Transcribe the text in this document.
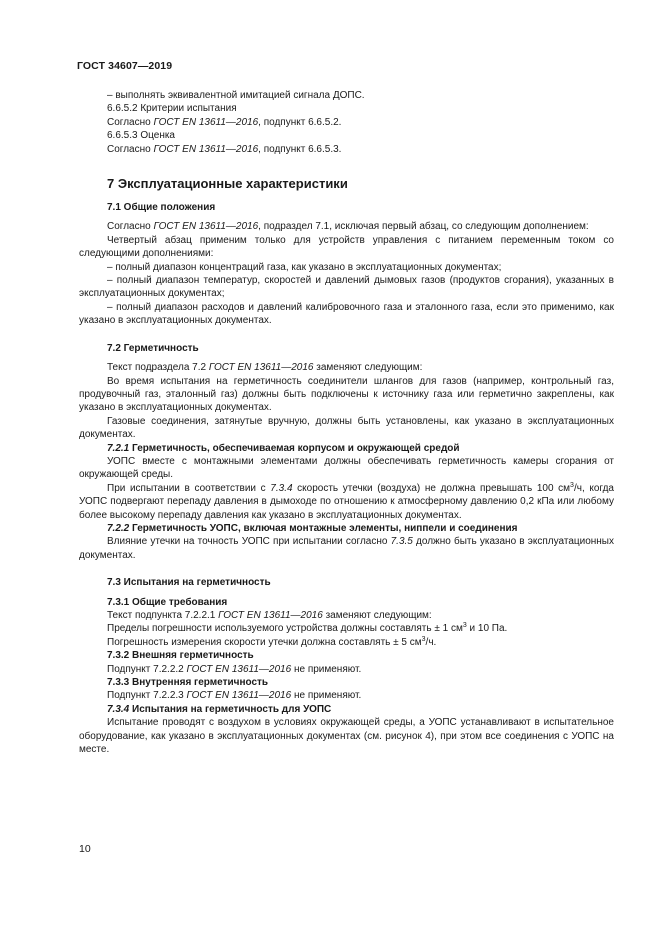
ГОСТ 34607—2019

– выполнять эквивалентной имитацией сигнала ДОПС.

6.6.5.2 Критерии испытания

Согласно ГОСТ EN 13611—2016, подпункт 6.6.5.2.

6.6.5.3 Оценка

Согласно ГОСТ EN 13611—2016, подпункт 6.6.5.3.

7 Эксплуатационные характеристики
7.1 Общие положения

Согласно ГОСТ EN 13611—2016, подраздел 7.1, исключая первый абзац, со следующим дополнением:

Четвертый абзац применим только для устройств управления с питанием переменным током со следующими дополнениями:

– полный диапазон концентраций газа, как указано в эксплуатационных документах;

– полный диапазон температур, скоростей и давлений дымовых газов (продуктов сгорания), указанных в эксплуатационных документах;

– полный диапазон расходов и давлений калибровочного газа и эталонного газа, если это применимо, как указано в эксплуатационных документах.

7.2 Герметичность

Текст подраздела 7.2 ГОСТ EN 13611—2016 заменяют следующим:

Во время испытания на герметичность соединители шлангов для газов (например, контрольный газ, продувочный газ, эталонный газ) должны быть подключены к источнику газа или герметично закреплены, как указано в эксплуатационных документах.

Газовые соединения, затянутые вручную, должны быть установлены, как указано в эксплуатационных документах.

7.2.1 Герметичность, обеспечиваемая корпусом и окружающей средой

УОПС вместе с монтажными элементами должны обеспечивать герметичность камеры сгорания от окружающей среды.

При испытании в соответствии с 7.3.4 скорость утечки (воздуха) не должна превышать 100 $см^3/ч$, когда УОПС подвергают перепаду давления в дымоходе по отношению к атмосферному давлению 0,2 кПа или любому более высокому перепаду давления как указано в эксплуатационных документах.

7.2.2 Герметичность УОПС, включая монтажные элементы, ниппели и соединения

Влияние утечки на точность УОПС при испытании согласно 7.3.5 должно быть указано в эксплуатационных документах.

7.3 Испытания на герметичность

7.3.1 Общие требования

Текст подпункта 7.2.2.1 ГОСТ EN 13611—2016 заменяют следующим:

Пределы погрешности используемого устройства должны составлять ± 1 $см^3$ и 10 Па.

Погрешность измерения скорости утечки должна составлять ± 5 $см^3/ч$.

7.3.2 Внешняя герметичность

Подпункт 7.2.2.2 ГОСТ EN 13611—2016 не применяют.

7.3.3 Внутренняя герметичность

Подпункт 7.2.2.3 ГОСТ EN 13611—2016 не применяют.

7.3.4 Испытания на герметичность для УОПС

Испытание проводят с воздухом в условиях окружающей среды, а УОПС устанавливают в испытательное оборудование, как указано в эксплуатационных документах (см. рисунок 4), при этом все соединения с УОПС на месте.

10
